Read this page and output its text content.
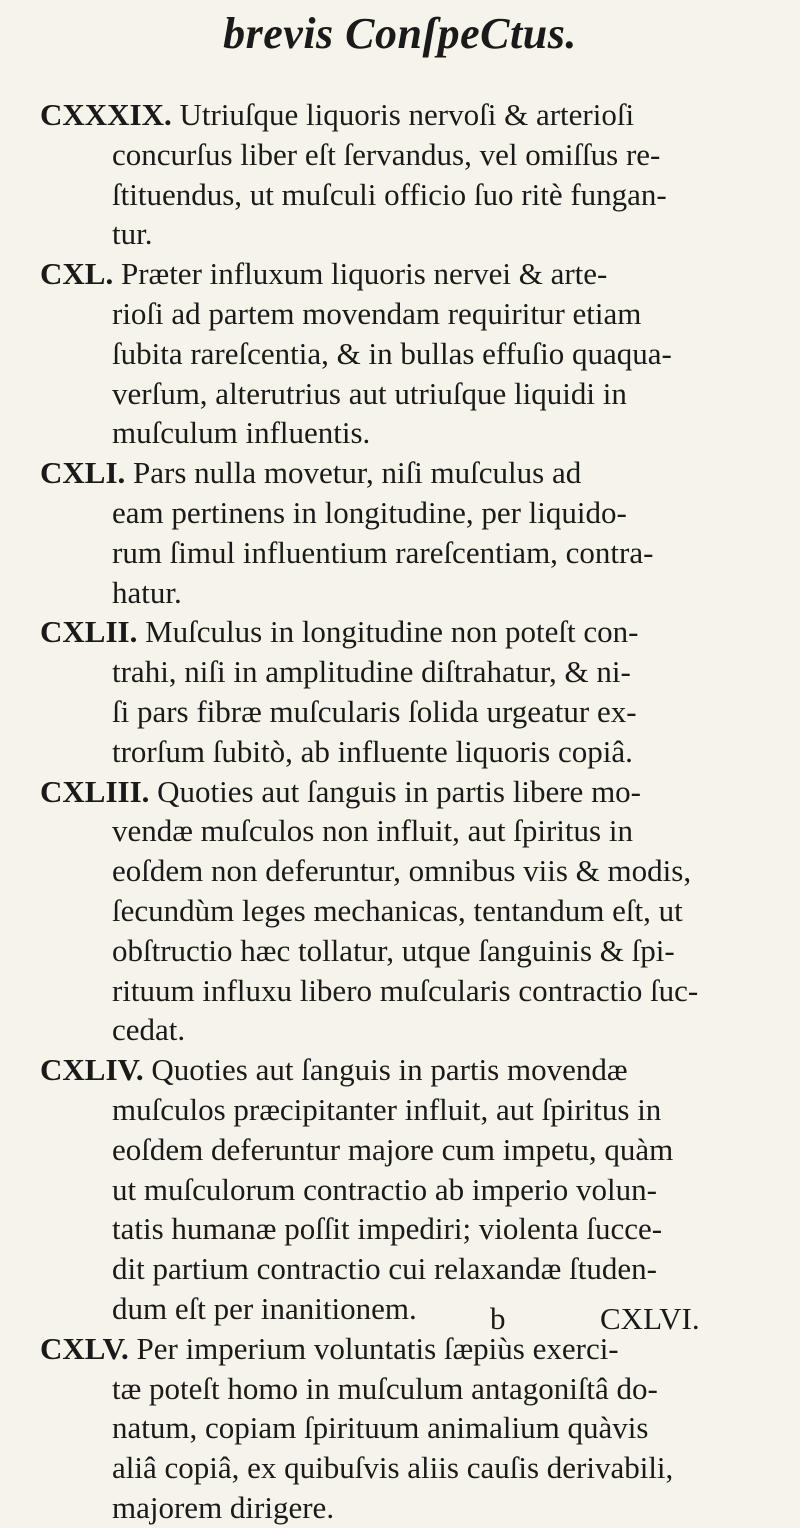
brevis ConſpeCtus.
CXXXIX. Utriuſque liquoris nervoſi & arterioſi
concurſus liber eſt ſervandus, vel omiſſus re-
ſtituendus, ut muſculi officio ſuo ritè fungan-
tur.
CXL. Præter influxum liquoris nervei & arte-
rioſi ad partem movendam requiritur etiam
ſubita rareſcentia, & in bullas effuſio quaqua-
verſum, alterutrius aut utriuſque liquidi in
muſculum influentis.
CXLI. Pars nulla movetur, niſi muſculus ad
eam pertinens in longitudine, per liquido-
rum ſimul influentium rareſcentiam, contra-
hatur.
CXLII. Muſculus in longitudine non poteſt con-
trahi, niſi in amplitudine diſtrahatur, & ni-
ſi pars fibræ muſcularis ſolida urgeatur ex-
trorſum ſubitò, ab influente liquoris copiâ.
CXLIII. Quoties aut ſanguis in partis libere mo-
vendæ muſculos non influit, aut ſpiritus in
eoſdem non deferuntur, omnibus viis & modis,
ſecundùm leges mechanicas, tentandum eſt, ut
obſtructio hæc tollatur, utque ſanguinis & ſpi-
rituum influxu libero muſcularis contractio ſuc-
cedat.
CXLIV. Quoties aut ſanguis in partis movendæ
muſculos præcipitanter influit, aut ſpiritus in
eoſdem deferuntur majore cum impetu, quàm
ut muſculorum contractio ab imperio volun-
tatis humanæ poſſit impediri; violenta ſucce-
dit partium contractio cui relaxandæ ſtuden-
dum eſt per inanitionem.
CXLV. Per imperium voluntatis ſæpiùs exerci-
tæ poteſt homo in muſculum antagoniſtâ do-
natum, copiam ſpirituum animalium quàvis
aliâ copiâ, ex quibuſvis aliis cauſis derivabili,
majorem dirigere.
b	CXLVI.
